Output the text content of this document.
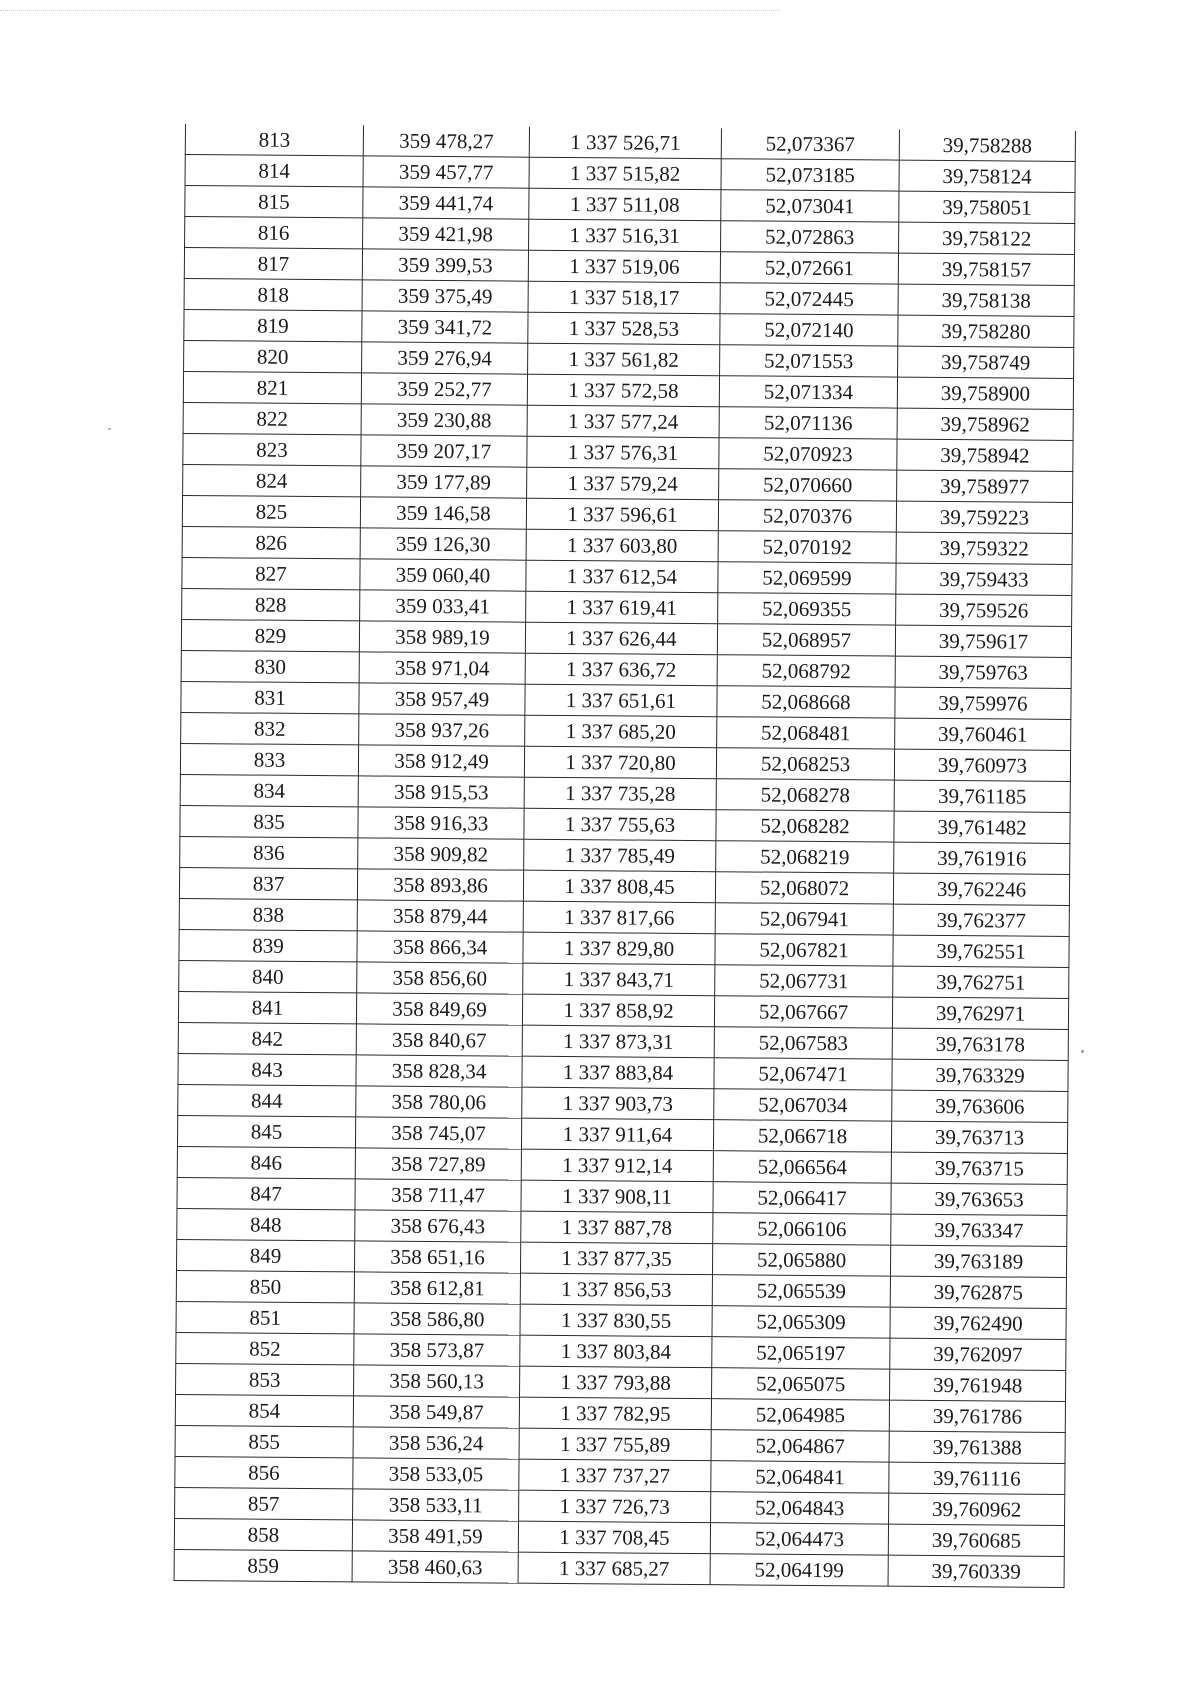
813	359 478,27	1 337 526,71	52,073367	39,758288
814	359 457,77	1 337 515,82	52,073185	39,758124
815	359 441,74	1 337 511,08	52,073041	39,758051
816	359 421,98	1 337 516,31	52,072863	39,758122
817	359 399,53	1 337 519,06	52,072661	39,758157
818	359 375,49	1 337 518,17	52,072445	39,758138
819	359 341,72	1 337 528,53	52,072140	39,758280
820	359 276,94	1 337 561,82	52,071553	39,758749
821	359 252,77	1 337 572,58	52,071334	39,758900
822	359 230,88	1 337 577,24	52,071136	39,758962
823	359 207,17	1 337 576,31	52,070923	39,758942
824	359 177,89	1 337 579,24	52,070660	39,758977
825	359 146,58	1 337 596,61	52,070376	39,759223
826	359 126,30	1 337 603,80	52,070192	39,759322
827	359 060,40	1 337 612,54	52,069599	39,759433
828	359 033,41	1 337 619,41	52,069355	39,759526
829	358 989,19	1 337 626,44	52,068957	39,759617
830	358 971,04	1 337 636,72	52,068792	39,759763
831	358 957,49	1 337 651,61	52,068668	39,759976
832	358 937,26	1 337 685,20	52,068481	39,760461
833	358 912,49	1 337 720,80	52,068253	39,760973
834	358 915,53	1 337 735,28	52,068278	39,761185
835	358 916,33	1 337 755,63	52,068282	39,761482
836	358 909,82	1 337 785,49	52,068219	39,761916
837	358 893,86	1 337 808,45	52,068072	39,762246
838	358 879,44	1 337 817,66	52,067941	39,762377
839	358 866,34	1 337 829,80	52,067821	39,762551
840	358 856,60	1 337 843,71	52,067731	39,762751
841	358 849,69	1 337 858,92	52,067667	39,762971
842	358 840,67	1 337 873,31	52,067583	39,763178
843	358 828,34	1 337 883,84	52,067471	39,763329
844	358 780,06	1 337 903,73	52,067034	39,763606
845	358 745,07	1 337 911,64	52,066718	39,763713
846	358 727,89	1 337 912,14	52,066564	39,763715
847	358 711,47	1 337 908,11	52,066417	39,763653
848	358 676,43	1 337 887,78	52,066106	39,763347
849	358 651,16	1 337 877,35	52,065880	39,763189
850	358 612,81	1 337 856,53	52,065539	39,762875
851	358 586,80	1 337 830,55	52,065309	39,762490
852	358 573,87	1 337 803,84	52,065197	39,762097
853	358 560,13	1 337 793,88	52,065075	39,761948
854	358 549,87	1 337 782,95	52,064985	39,761786
855	358 536,24	1 337 755,89	52,064867	39,761388
856	358 533,05	1 337 737,27	52,064841	39,761116
857	358 533,11	1 337 726,73	52,064843	39,760962
858	358 491,59	1 337 708,45	52,064473	39,760685
859	358 460,63	1 337 685,27	52,064199	39,760339
